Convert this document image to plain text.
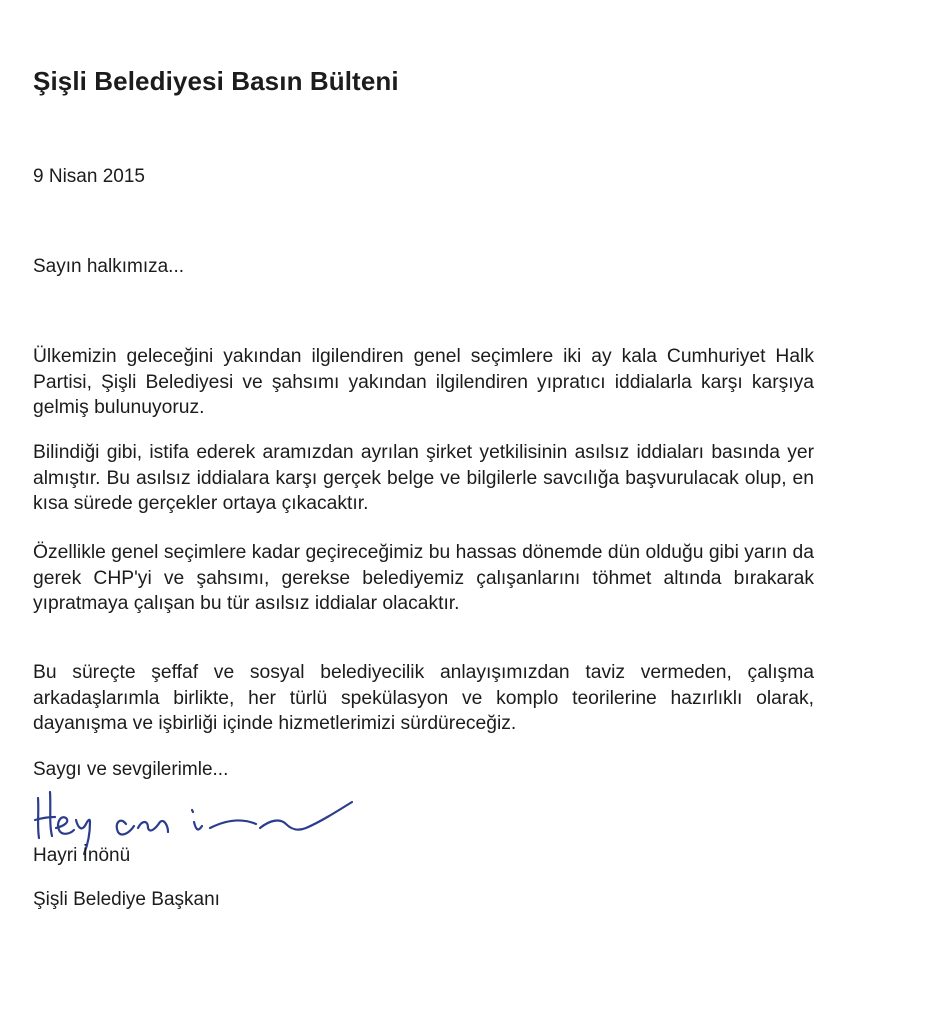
Şişli Belediyesi Basın Bülteni

9 Nisan 2015

Sayın halkımıza...

Ülkemizin geleceğini yakından ilgilendiren genel seçimlere iki ay kala Cumhuriyet Halk Partisi, Şişli Belediyesi ve şahsımı yakından ilgilendiren yıpratıcı iddialarla karşı karşıya gelmiş bulunuyoruz.

Bilindiği gibi, istifa ederek aramızdan ayrılan şirket yetkilisinin asılsız iddiaları basında yer almıştır. Bu asılsız iddialara karşı gerçek belge ve bilgilerle savcılığa başvurulacak olup, en kısa sürede gerçekler ortaya çıkacaktır.

Özellikle genel seçimlere kadar geçireceğimiz bu hassas dönemde dün olduğu gibi yarın da gerek CHP'yi ve şahsımı, gerekse belediyemiz çalışanlarını töhmet altında bırakarak yıpratmaya çalışan bu tür asılsız iddialar olacaktır.

Bu süreçte şeffaf ve sosyal belediyecilik anlayışımızdan taviz vermeden, çalışma arkadaşlarımla birlikte, her türlü spekülasyon ve komplo teorilerine hazırlıklı olarak, dayanışma ve işbirliği içinde hizmetlerimizi sürdüreceğiz.

Saygı ve sevgilerimle...

Hayri İnönü

Şişli Belediye Başkanı
